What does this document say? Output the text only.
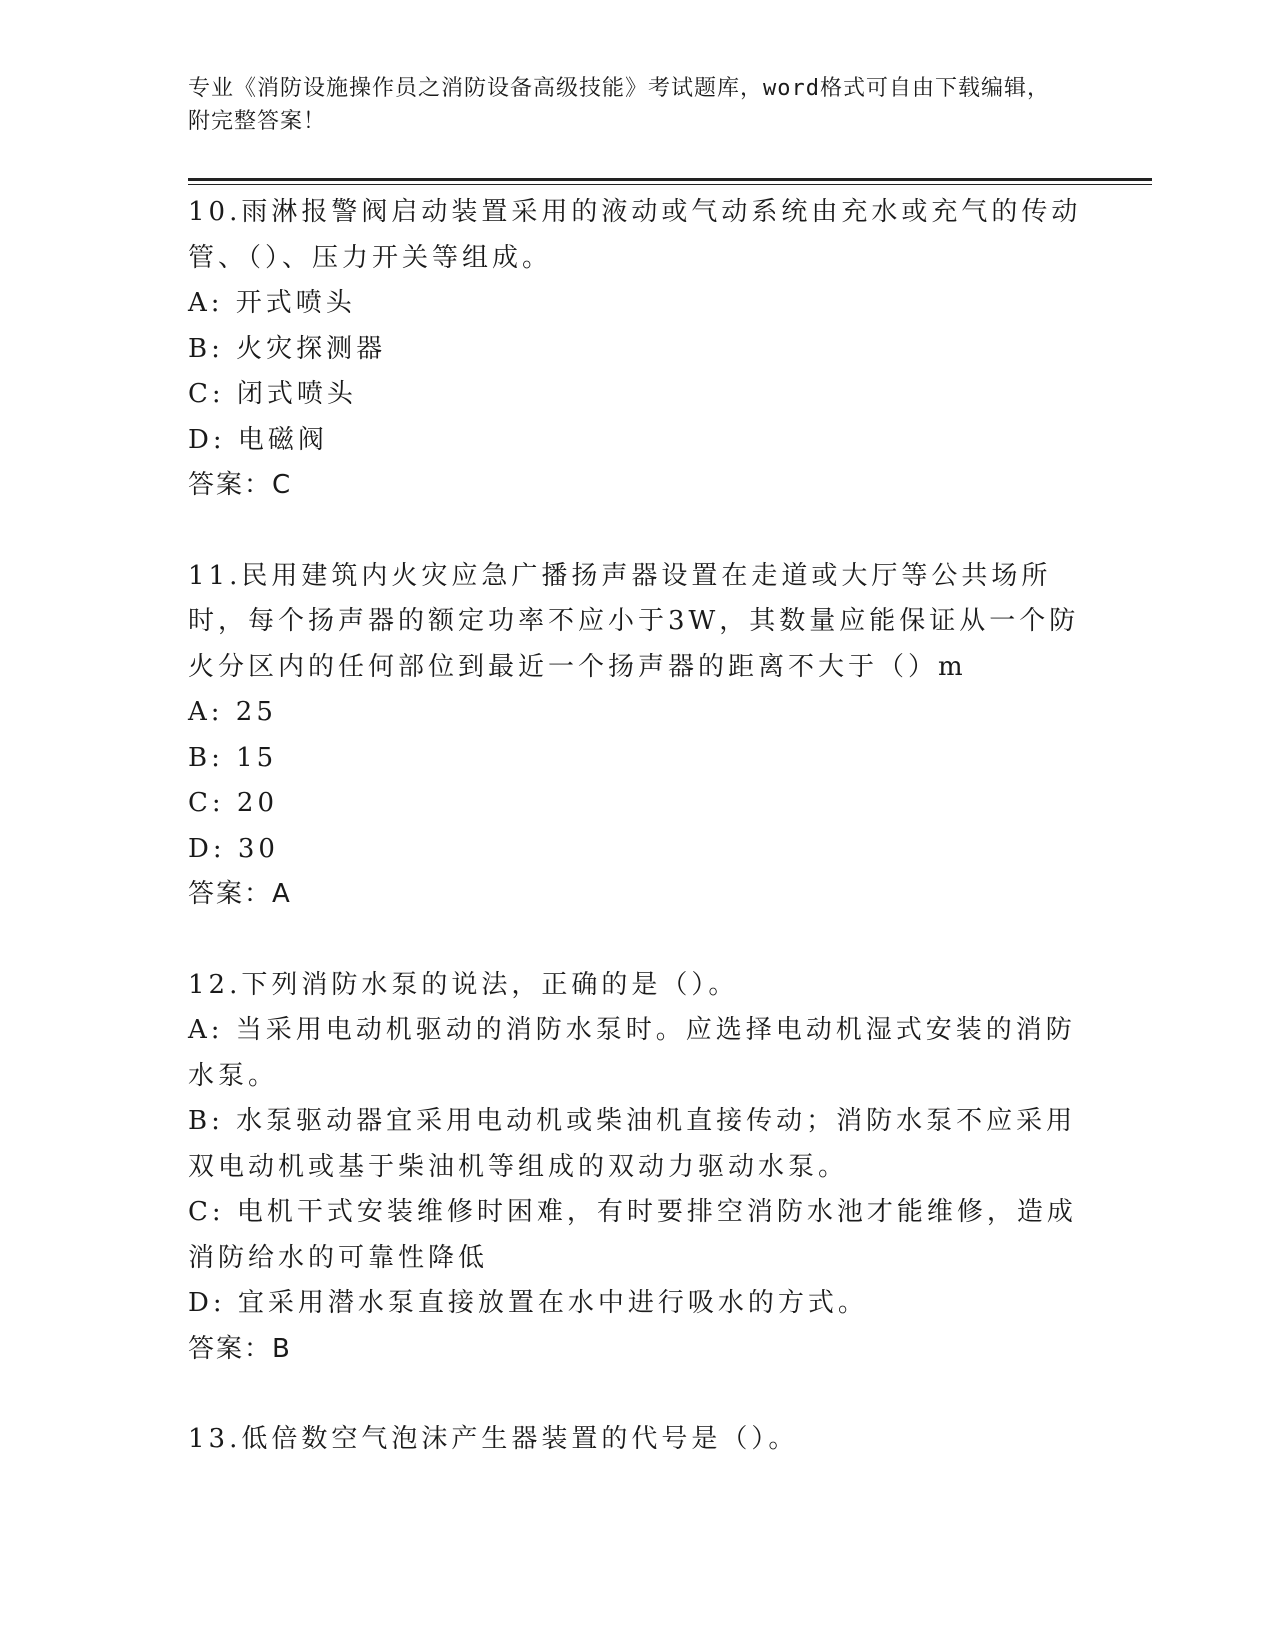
专业《消防设施操作员之消防设备高级技能》考试题库，word格式可自由下载编辑，附完整答案！

10.雨淋报警阀启动装置采用的液动或气动系统由充水或充气的传动管、（）、压力开关等组成。

A: 开式喷头

B: 火灾探测器

C: 闭式喷头

D: 电磁阀

答案：C

11.民用建筑内火灾应急广播扬声器设置在走道或大厅等公共场所时，每个扬声器的额定功率不应小于3W，其数量应能保证从一个防火分区内的任何部位到最近一个扬声器的距离不大于（）m

A: 25

B: 15

C: 20

D: 30

答案：A

12.下列消防水泵的说法，正确的是（）。

A: 当采用电动机驱动的消防水泵时。应选择电动机湿式安装的消防水泵。

B: 水泵驱动器宜采用电动机或柴油机直接传动；消防水泵不应采用双电动机或基于柴油机等组成的双动力驱动水泵。

C: 电机干式安装维修时困难，有时要排空消防水池才能维修，造成消防给水的可靠性降低

D: 宜采用潜水泵直接放置在水中进行吸水的方式。

答案：B

13.低倍数空气泡沫产生器装置的代号是（）。
